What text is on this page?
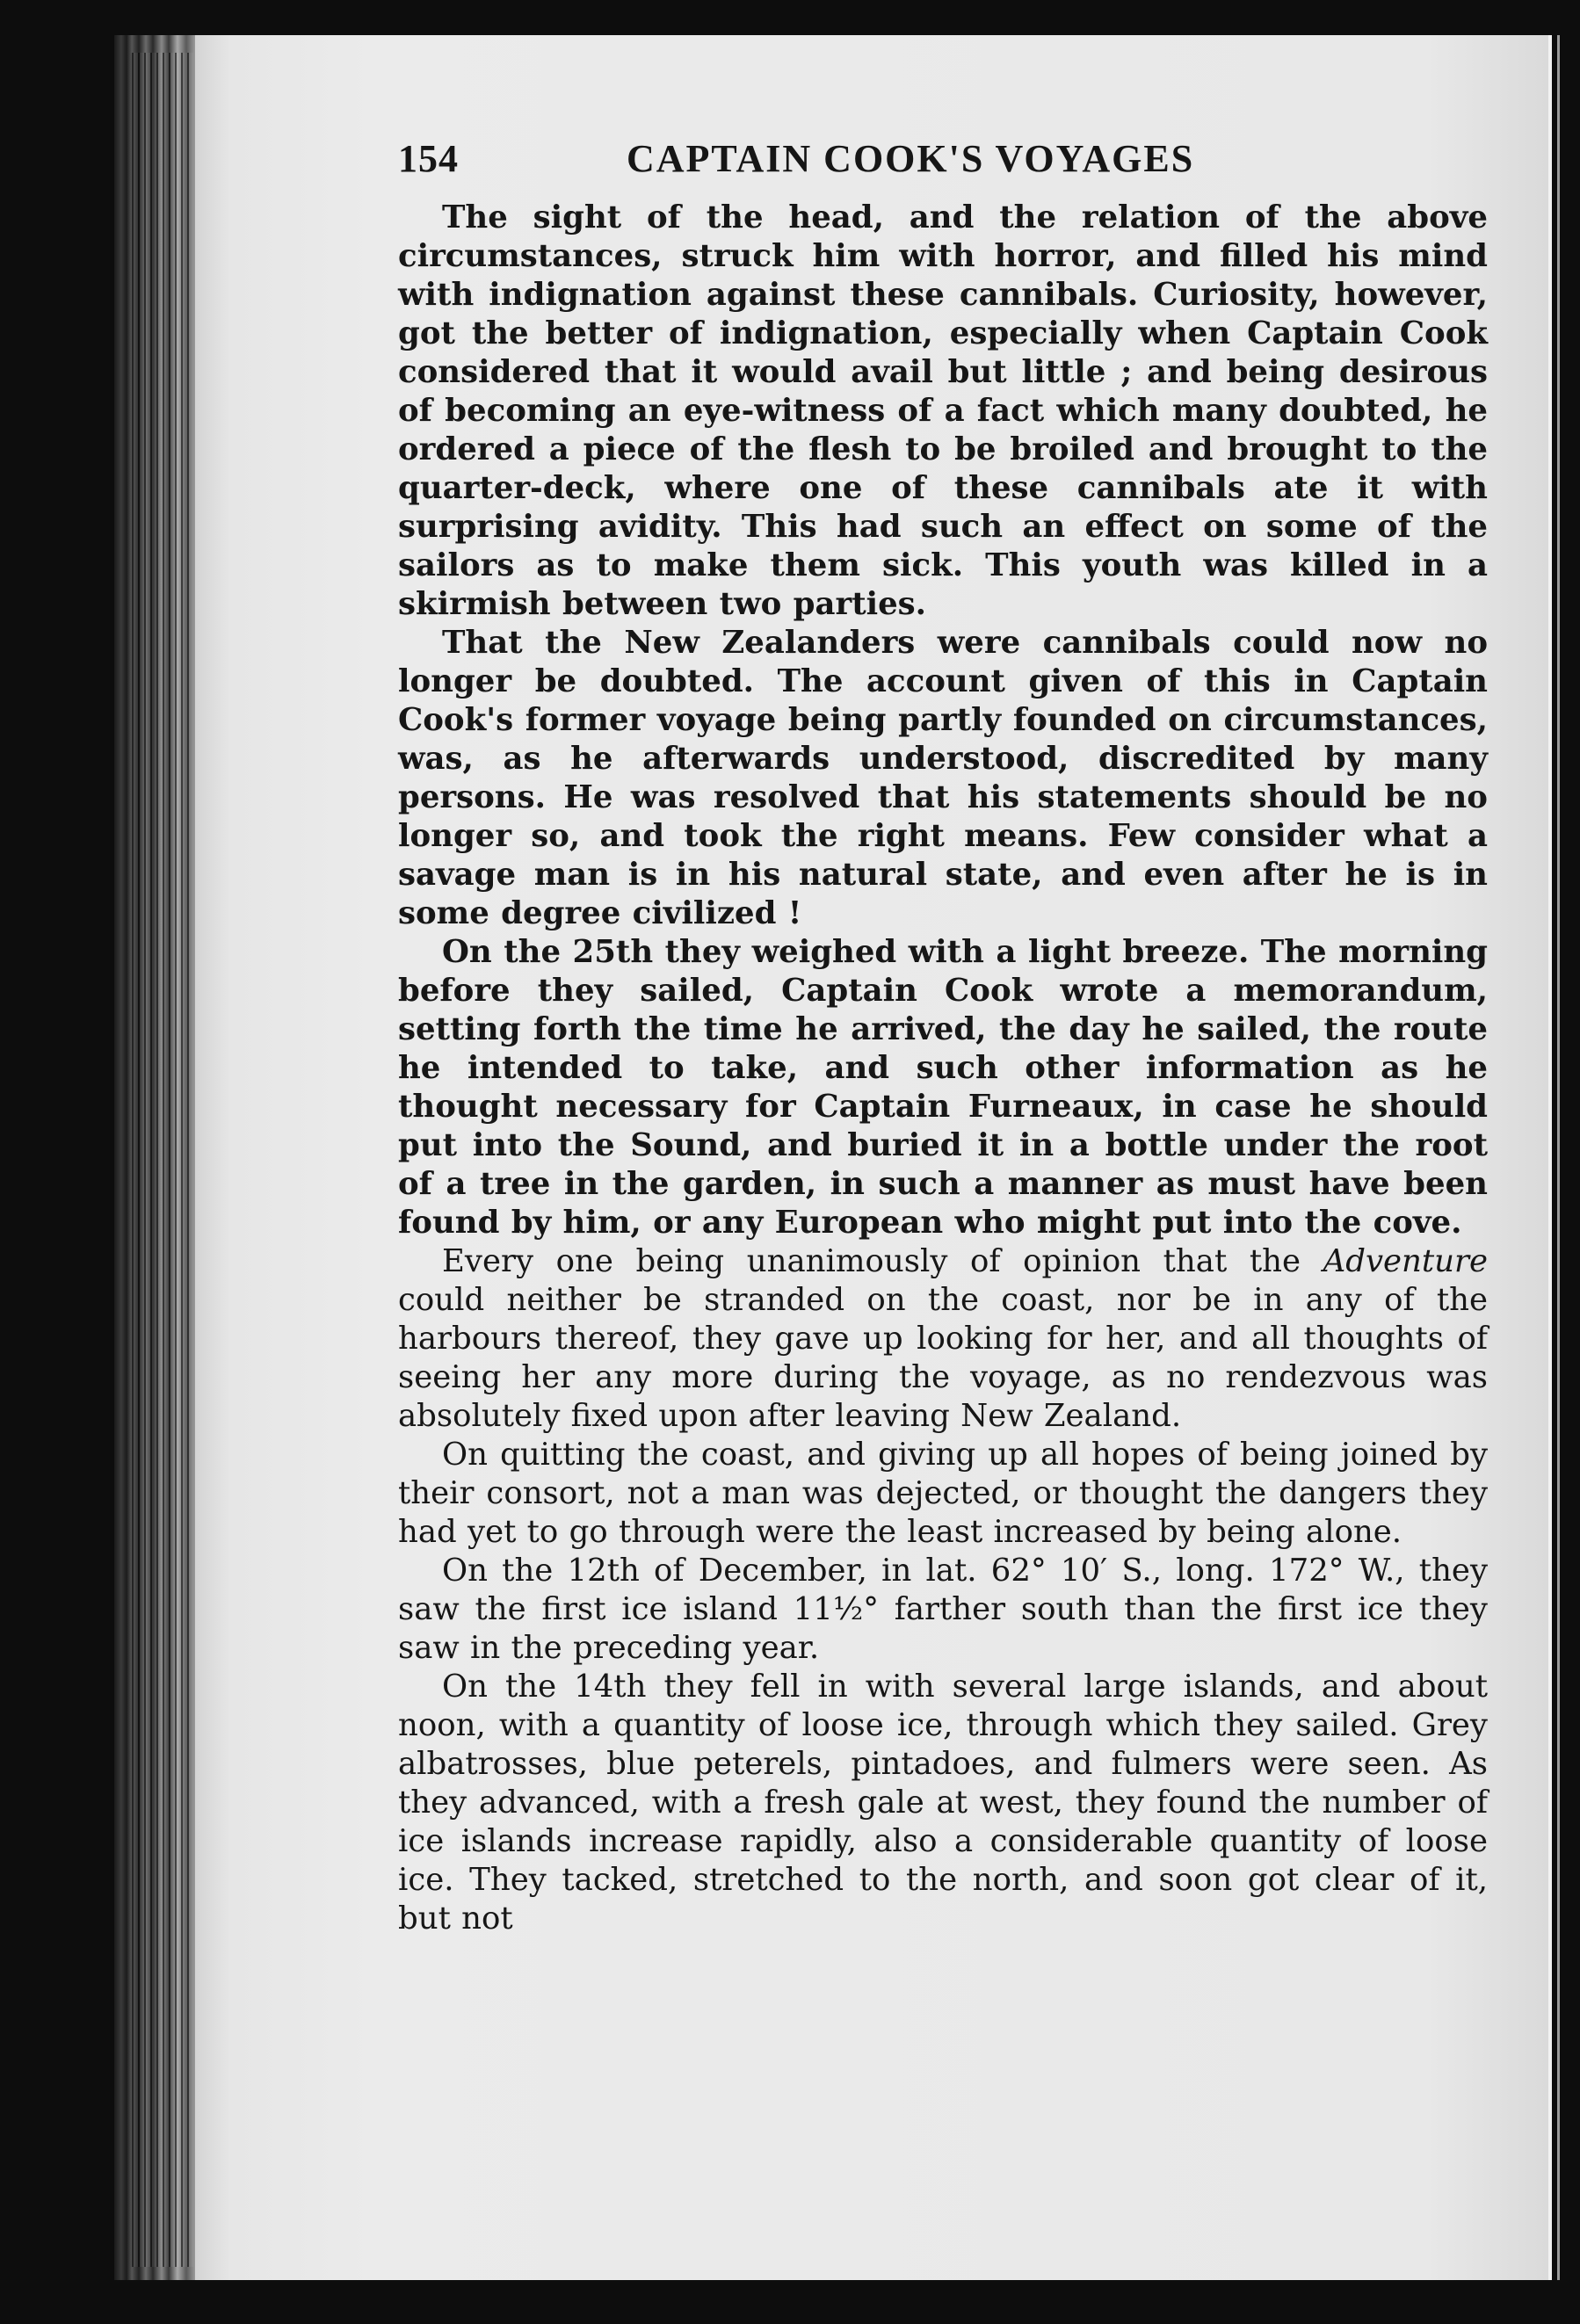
154	CAPTAIN COOK'S VOYAGES

The sight of the head, and the relation of the above circumstances, struck him with horror, and filled his mind with indignation against these cannibals. Curiosity, however, got the better of indignation, especially when Captain Cook considered that it would avail but little ; and being desirous of becoming an eye-witness of a fact which many doubted, he ordered a piece of the flesh to be broiled and brought to the quarter-deck, where one of these cannibals ate it with surprising avidity. This had such an effect on some of the sailors as to make them sick. This youth was killed in a skirmish between two parties.

That the New Zealanders were cannibals could now no longer be doubted. The account given of this in Captain Cook's former voyage being partly founded on circumstances, was, as he afterwards understood, discredited by many persons. He was resolved that his statements should be no longer so, and took the right means. Few consider what a savage man is in his natural state, and even after he is in some degree civilized !

On the 25th they weighed with a light breeze. The morning before they sailed, Captain Cook wrote a memorandum, setting forth the time he arrived, the day he sailed, the route he intended to take, and such other information as he thought necessary for Captain Furneaux, in case he should put into the Sound, and buried it in a bottle under the root of a tree in the garden, in such a manner as must have been found by him, or any European who might put into the cove.

Every one being unanimously of opinion that the Adventure could neither be stranded on the coast, nor be in any of the harbours thereof, they gave up looking for her, and all thoughts of seeing her any more during the voyage, as no rendezvous was absolutely fixed upon after leaving New Zealand.

On quitting the coast, and giving up all hopes of being joined by their consort, not a man was dejected, or thought the dangers they had yet to go through were the least increased by being alone.

On the 12th of December, in lat. 62° 10′ S., long. 172° W., they saw the first ice island 11½° farther south than the first ice they saw in the preceding year.

On the 14th they fell in with several large islands, and about noon, with a quantity of loose ice, through which they sailed. Grey albatrosses, blue peterels, pintadoes, and fulmers were seen. As they advanced, with a fresh gale at west, they found the number of ice islands increase rapidly, also a considerable quantity of loose ice. They tacked, stretched to the north, and soon got clear of it, but not
